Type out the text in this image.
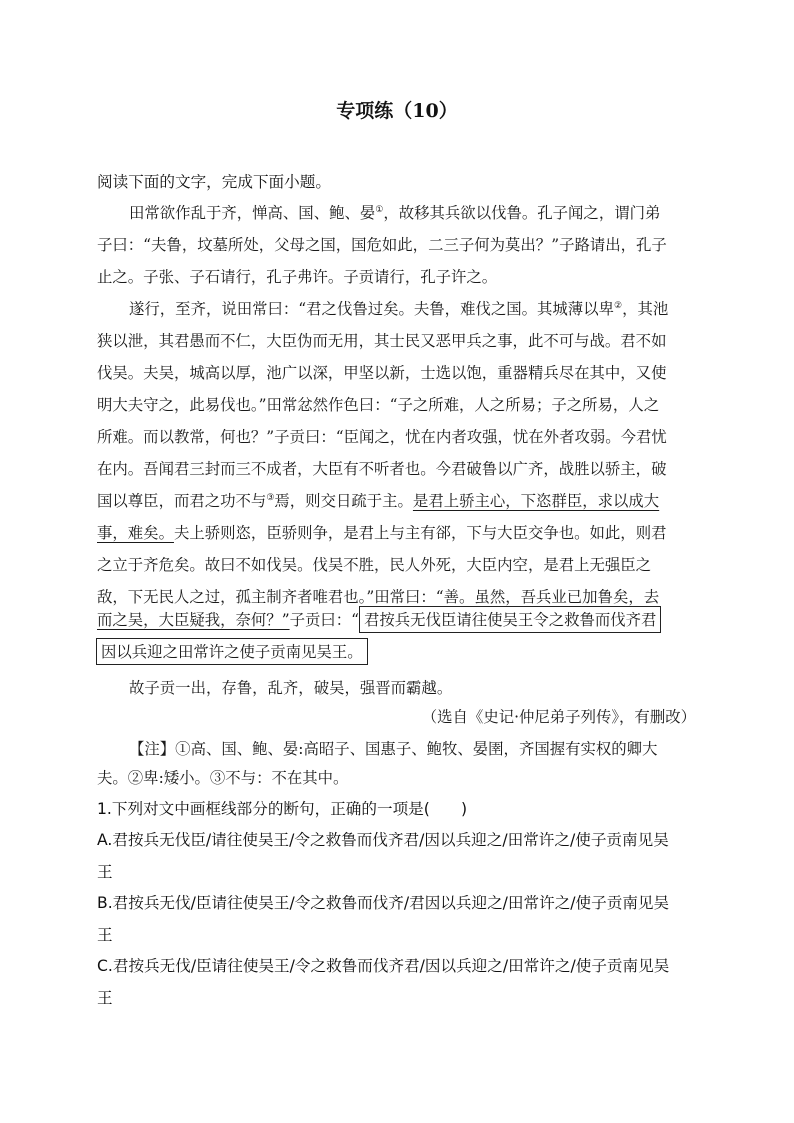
专项练（10）
阅读下面的文字，完成下面小题。
田常欲作乱于齐，惮高、国、鲍、晏①，故移其兵欲以伐鲁。孔子闻之，谓门弟
子曰：“夫鲁，坟墓所处，父母之国，国危如此，二三子何为莫出？”子路请出，孔子
止之。子张、子石请行，孔子弗许。子贡请行，孔子许之。
遂行，至齐，说田常曰：“君之伐鲁过矣。夫鲁，难伐之国。其城薄以卑②，其池
狭以泄，其君愚而不仁，大臣伪而无用，其士民又恶甲兵之事，此不可与战。君不如
伐吴。夫吴，城高以厚，池广以深，甲坚以新，士选以饱，重器精兵尽在其中，又使
明大夫守之，此易伐也。”田常忿然作色曰：“子之所难，人之所易；子之所易，人之
所难。而以教常，何也？”子贡曰：“臣闻之，忧在内者攻强，忧在外者攻弱。今君忧
在内。吾闻君三封而三不成者，大臣有不听者也。今君破鲁以广齐，战胜以骄主，破
国以尊臣，而君之功不与③焉，则交日疏于主。是君上骄主心，下恣群臣，求以成大
事，难矣。夫上骄则恣，臣骄则争，是君上与主有郤，下与大臣交争也。如此，则君
之立于齐危矣。故曰不如伐吴。伐吴不胜，民人外死，大臣内空，是君上无强臣之
敌，下无民人之过，孤主制齐者唯君也。”田常曰：“善。虽然，吾兵业已加鲁矣，去
而之吴，大臣疑我，奈何？”子贡曰：“ 君按兵无伐臣请往使吴王令之救鲁而伐齐君
因以兵迎之田常许之使子贡南见吴王。
故子贡一出，存鲁，乱齐，破吴，强晋而霸越。
（选自《史记·仲尼弟子列传》，有删改）
【注】①高、国、鲍、晏:高昭子、国惠子、鲍牧、晏圉，齐国握有实权的卿大
夫。②卑:矮小。③不与：不在其中。
1.下列对文中画框线部分的断句，正确的一项是(　　)
A.君按兵无伐臣/请往使吴王/令之救鲁而伐齐君/因以兵迎之/田常许之/使子贡南见吴
王
B.君按兵无伐/臣请往使吴王/令之救鲁而伐齐/君因以兵迎之/田常许之/使子贡南见吴
王
C.君按兵无伐/臣请往使吴王/令之救鲁而伐齐君/因以兵迎之/田常许之/使子贡南见吴
王
